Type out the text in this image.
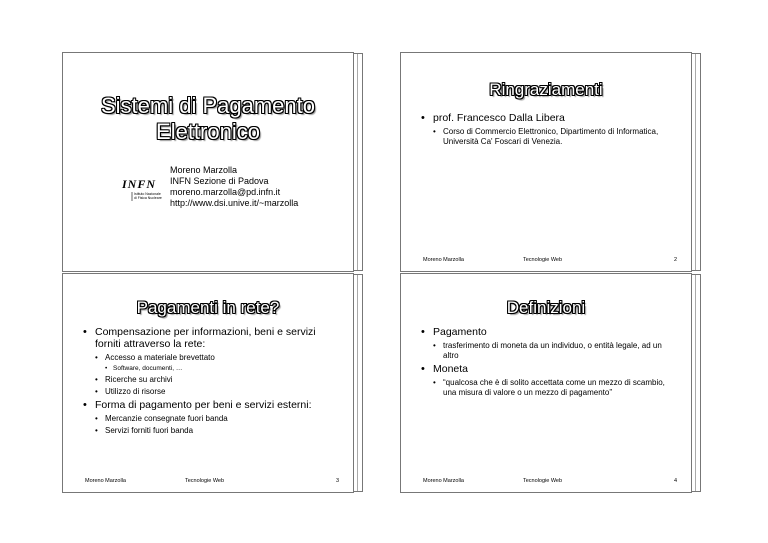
Sistemi di Pagamento
Elettronico
INFN
Istituto Nazionale
di Fisica Nucleare
Moreno Marzolla
INFN Sezione di Padova
moreno.marzolla@pd.infn.it
http://www.dsi.unive.it/~marzolla
Ringraziamenti
• prof. Francesco Dalla Libera
• Corso di Commercio Elettronico, Dipartimento di Informatica, Università Ca' Foscari di Venezia.
Moreno Marzolla	Tecnologie Web	2
Pagamenti in rete?
• Compensazione per informazioni, beni e servizi forniti attraverso la rete:
• Accesso a materiale brevettato
• Software, documenti, …
• Ricerche su archivi
• Utilizzo di risorse
• Forma di pagamento per beni e servizi esterni:
• Mercanzie consegnate fuori banda
• Servizi forniti fuori banda
Moreno Marzolla	Tecnologie Web	3
Definizioni
• Pagamento
• trasferimento di moneta da un individuo, o entità legale, ad un altro
• Moneta
• “qualcosa che è di solito accettata come un mezzo di scambio, una misura di valore o un mezzo di pagamento”
Moreno Marzolla	Tecnologie Web	4
